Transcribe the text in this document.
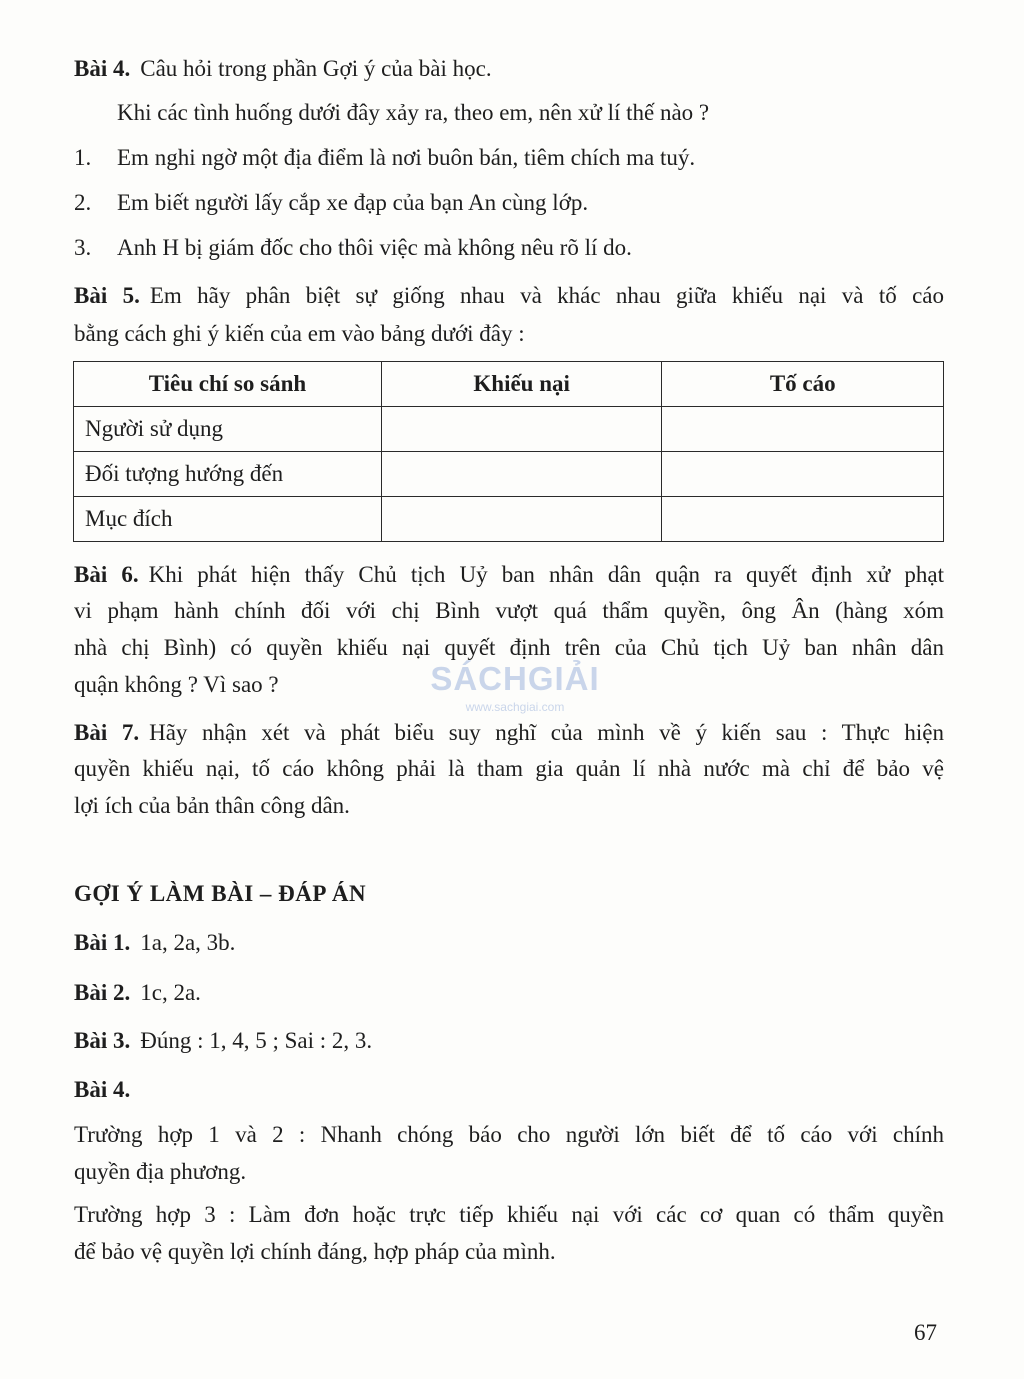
Bài 4. Câu hỏi trong phần Gợi ý của bài học.
Khi các tình huống dưới đây xảy ra, theo em, nên xử lí thế nào ?
1. Em nghi ngờ một địa điểm là nơi buôn bán, tiêm chích ma tuý.
2. Em biết người lấy cắp xe đạp của bạn An cùng lớp.
3. Anh H bị giám đốc cho thôi việc mà không nêu rõ lí do.
Bài 5. Em hãy phân biệt sự giống nhau và khác nhau giữa khiếu nại và tố cáo
bằng cách ghi ý kiến của em vào bảng dưới đây :
Tiêu chí so sánh	Khiếu nại	Tố cáo
Người sử dụng		
Đối tượng hướng đến		
Mục đích		
Bài 6. Khi phát hiện thấy Chủ tịch Uỷ ban nhân dân quận ra quyết định xử phạt
vi phạm hành chính đối với chị Bình vượt quá thẩm quyền, ông Ân (hàng xóm
nhà chị Bình) có quyền khiếu nại quyết định trên của Chủ tịch Uỷ ban nhân dân
quận không ? Vì sao ?
Bài 7. Hãy nhận xét và phát biểu suy nghĩ của mình về ý kiến sau : Thực hiện
quyền khiếu nại, tố cáo không phải là tham gia quản lí nhà nước mà chỉ để bảo vệ
lợi ích của bản thân công dân.
GỢI Ý LÀM BÀI – ĐÁP ÁN
Bài 1. 1a, 2a, 3b.
Bài 2. 1c, 2a.
Bài 3. Đúng : 1, 4, 5 ; Sai : 2, 3.
Bài 4.
Trường hợp 1 và 2 : Nhanh chóng báo cho người lớn biết để tố cáo với chính
quyền địa phương.
Trường hợp 3 : Làm đơn hoặc trực tiếp khiếu nại với các cơ quan có thẩm quyền
để bảo vệ quyền lợi chính đáng, hợp pháp của mình.
SÁCHGIẢI
www.sachgiai.com
67
